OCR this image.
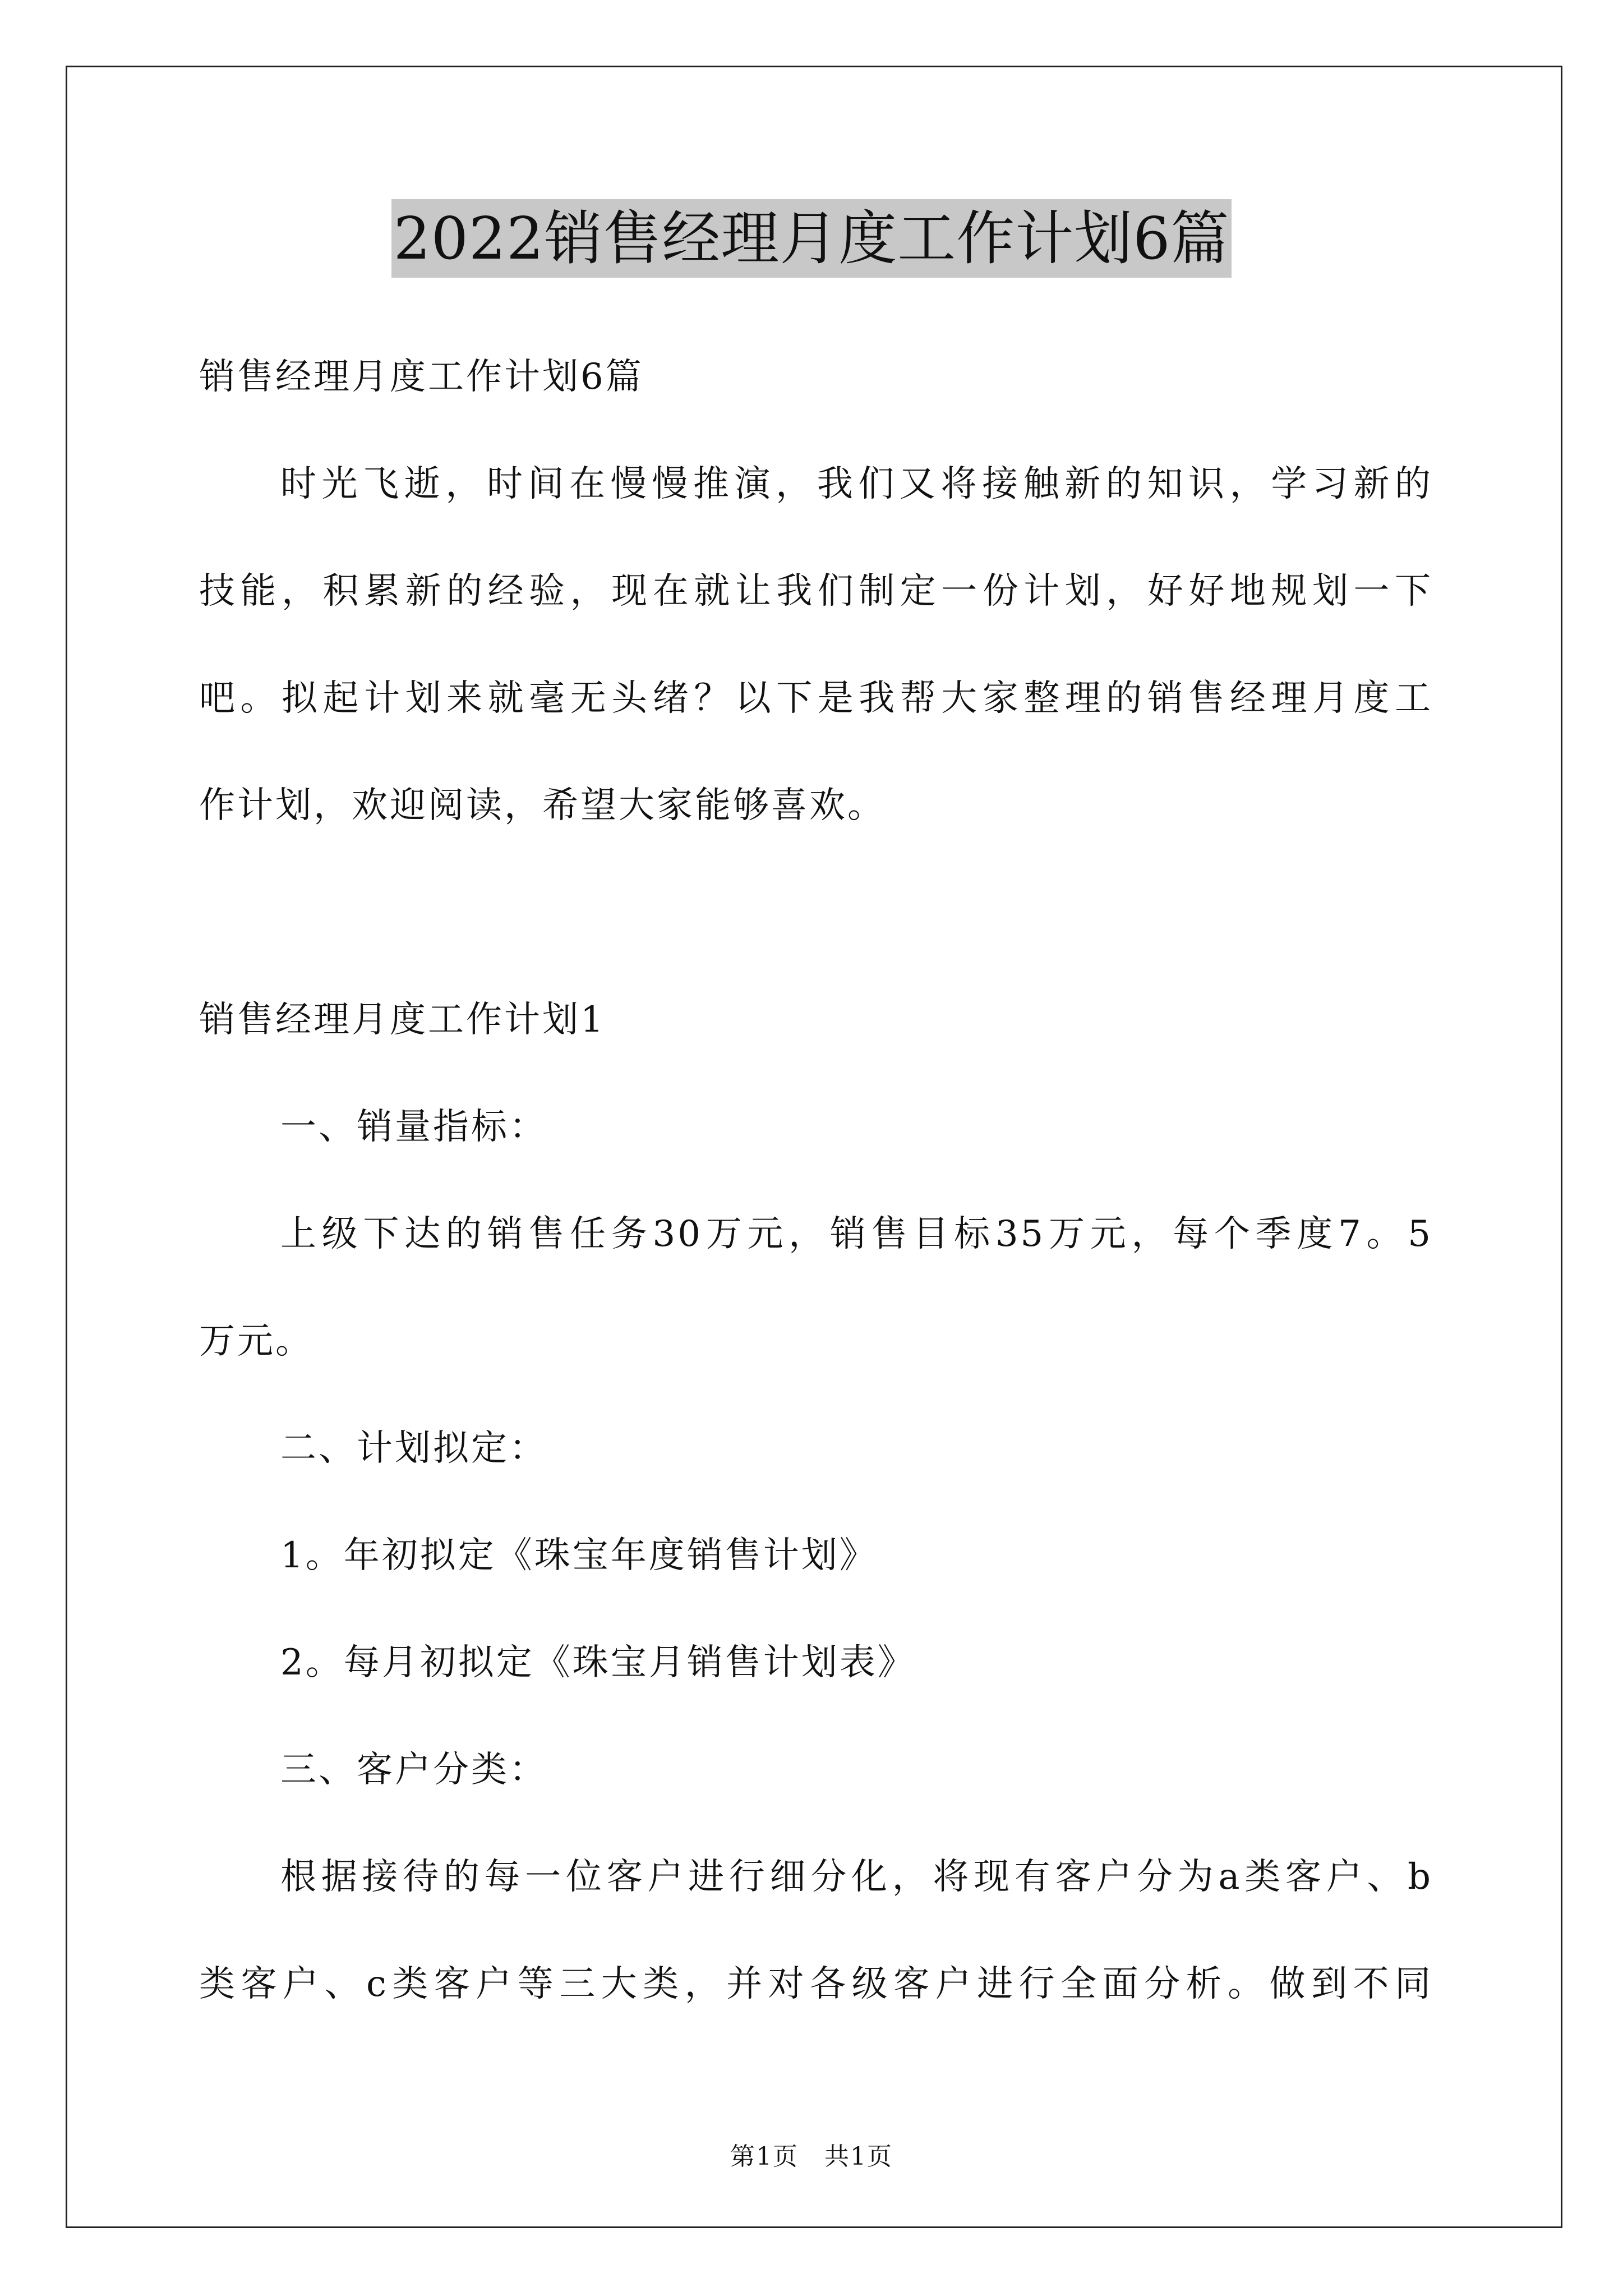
2022销售经理月度工作计划6篇
销售经理月度工作计划6篇
时光飞逝，时间在慢慢推演，我们又将接触新的知识，学习新的
技能，积累新的经验，现在就让我们制定一份计划，好好地规划一下
吧。拟起计划来就毫无头绪？以下是我帮大家整理的销售经理月度工
作计划，欢迎阅读，希望大家能够喜欢。
销售经理月度工作计划1
一、销量指标：
上级下达的销售任务30万元，销售目标35万元，每个季度7。5
万元。
二、计划拟定：
1。年初拟定《珠宝年度销售计划》
2。每月初拟定《珠宝月销售计划表》
三、客户分类：
根据接待的每一位客户进行细分化，将现有客户分为a类客户、b
类客户、c类客户等三大类，并对各级客户进行全面分析。做到不同
第1页　共1页
